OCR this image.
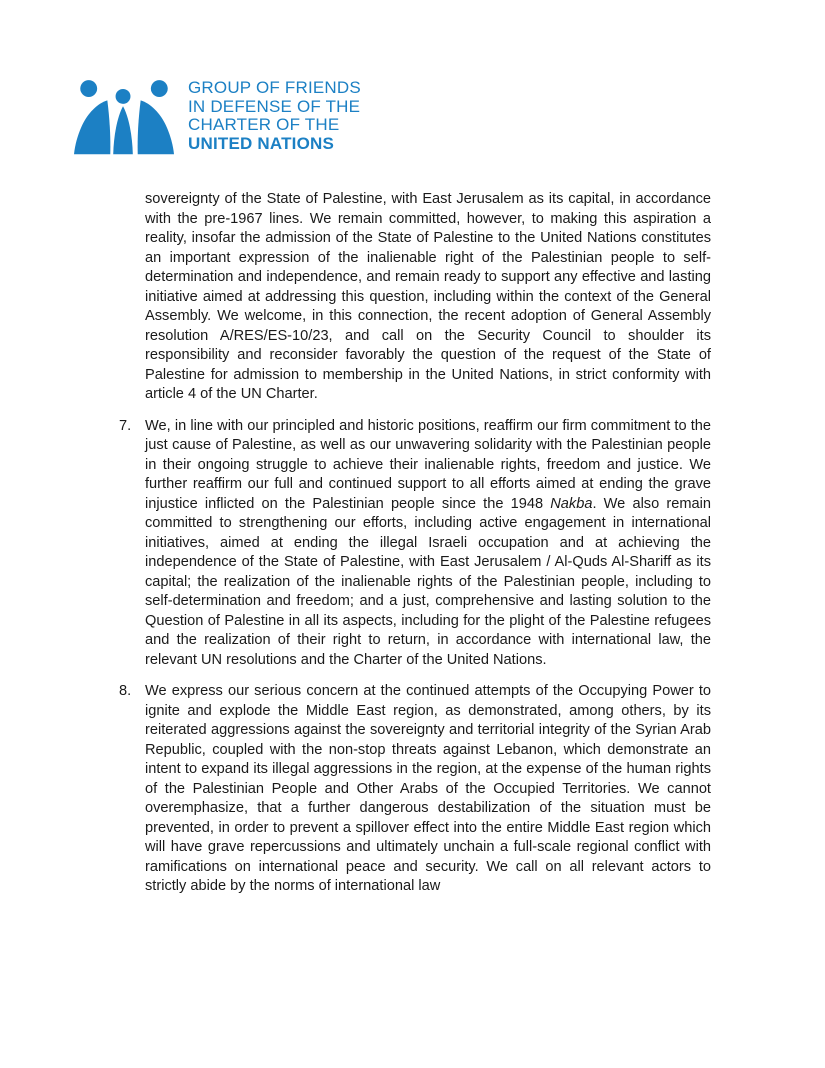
GROUP OF FRIENDS
IN DEFENSE OF THE
CHARTER OF THE
UNITED NATIONS

sovereignty of the State of Palestine, with East Jerusalem as its capital, in accordance with the pre-1967 lines. We remain committed, however, to making this aspiration a reality, insofar the admission of the State of Palestine to the United Nations constitutes an important expression of the inalienable right of the Palestinian people to self-determination and independence, and remain ready to support any effective and lasting initiative aimed at addressing this question, including within the context of the General Assembly. We welcome, in this connection, the recent adoption of General Assembly resolution A/RES/ES-10/23, and call on the Security Council to shoulder its responsibility and reconsider favorably the question of the request of the State of Palestine for admission to membership in the United Nations, in strict conformity with article 4 of the UN Charter.

7. We, in line with our principled and historic positions, reaffirm our firm commitment to the just cause of Palestine, as well as our unwavering solidarity with the Palestinian people in their ongoing struggle to achieve their inalienable rights, freedom and justice. We further reaffirm our full and continued support to all efforts aimed at ending the grave injustice inflicted on the Palestinian people since the 1948 Nakba. We also remain committed to strengthening our efforts, including active engagement in international initiatives, aimed at ending the illegal Israeli occupation and at achieving the independence of the State of Palestine, with East Jerusalem / Al-Quds Al-Shariff as its capital; the realization of the inalienable rights of the Palestinian people, including to self-determination and freedom; and a just, comprehensive and lasting solution to the Question of Palestine in all its aspects, including for the plight of the Palestine refugees and the realization of their right to return, in accordance with international law, the relevant UN resolutions and the Charter of the United Nations.

8. We express our serious concern at the continued attempts of the Occupying Power to ignite and explode the Middle East region, as demonstrated, among others, by its reiterated aggressions against the sovereignty and territorial integrity of the Syrian Arab Republic, coupled with the non-stop threats against Lebanon, which demonstrate an intent to expand its illegal aggressions in the region, at the expense of the human rights of the Palestinian People and Other Arabs of the Occupied Territories. We cannot overemphasize, that a further dangerous destabilization of the situation must be prevented, in order to prevent a spillover effect into the entire Middle East region which will have grave repercussions and ultimately unchain a full-scale regional conflict with ramifications on international peace and security. We call on all relevant actors to strictly abide by the norms of international law
